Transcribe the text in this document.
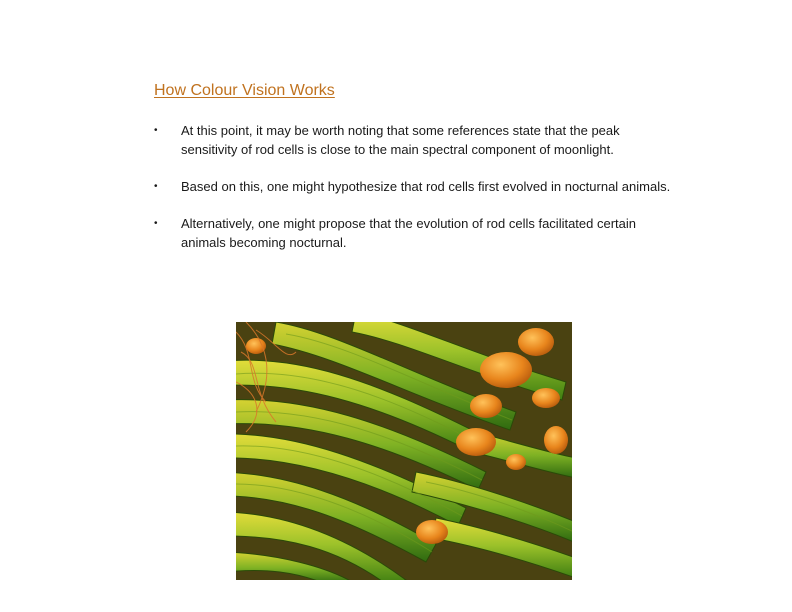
How Colour Vision Works
• At this point, it may be worth noting that some references state that the peak sensitivity of rod cells is close to the main spectral component of moonlight.
• Based on this, one might hypothesize that rod cells first evolved in nocturnal animals.
• Alternatively, one might propose that the evolution of rod cells facilitated certain animals becoming nocturnal.
